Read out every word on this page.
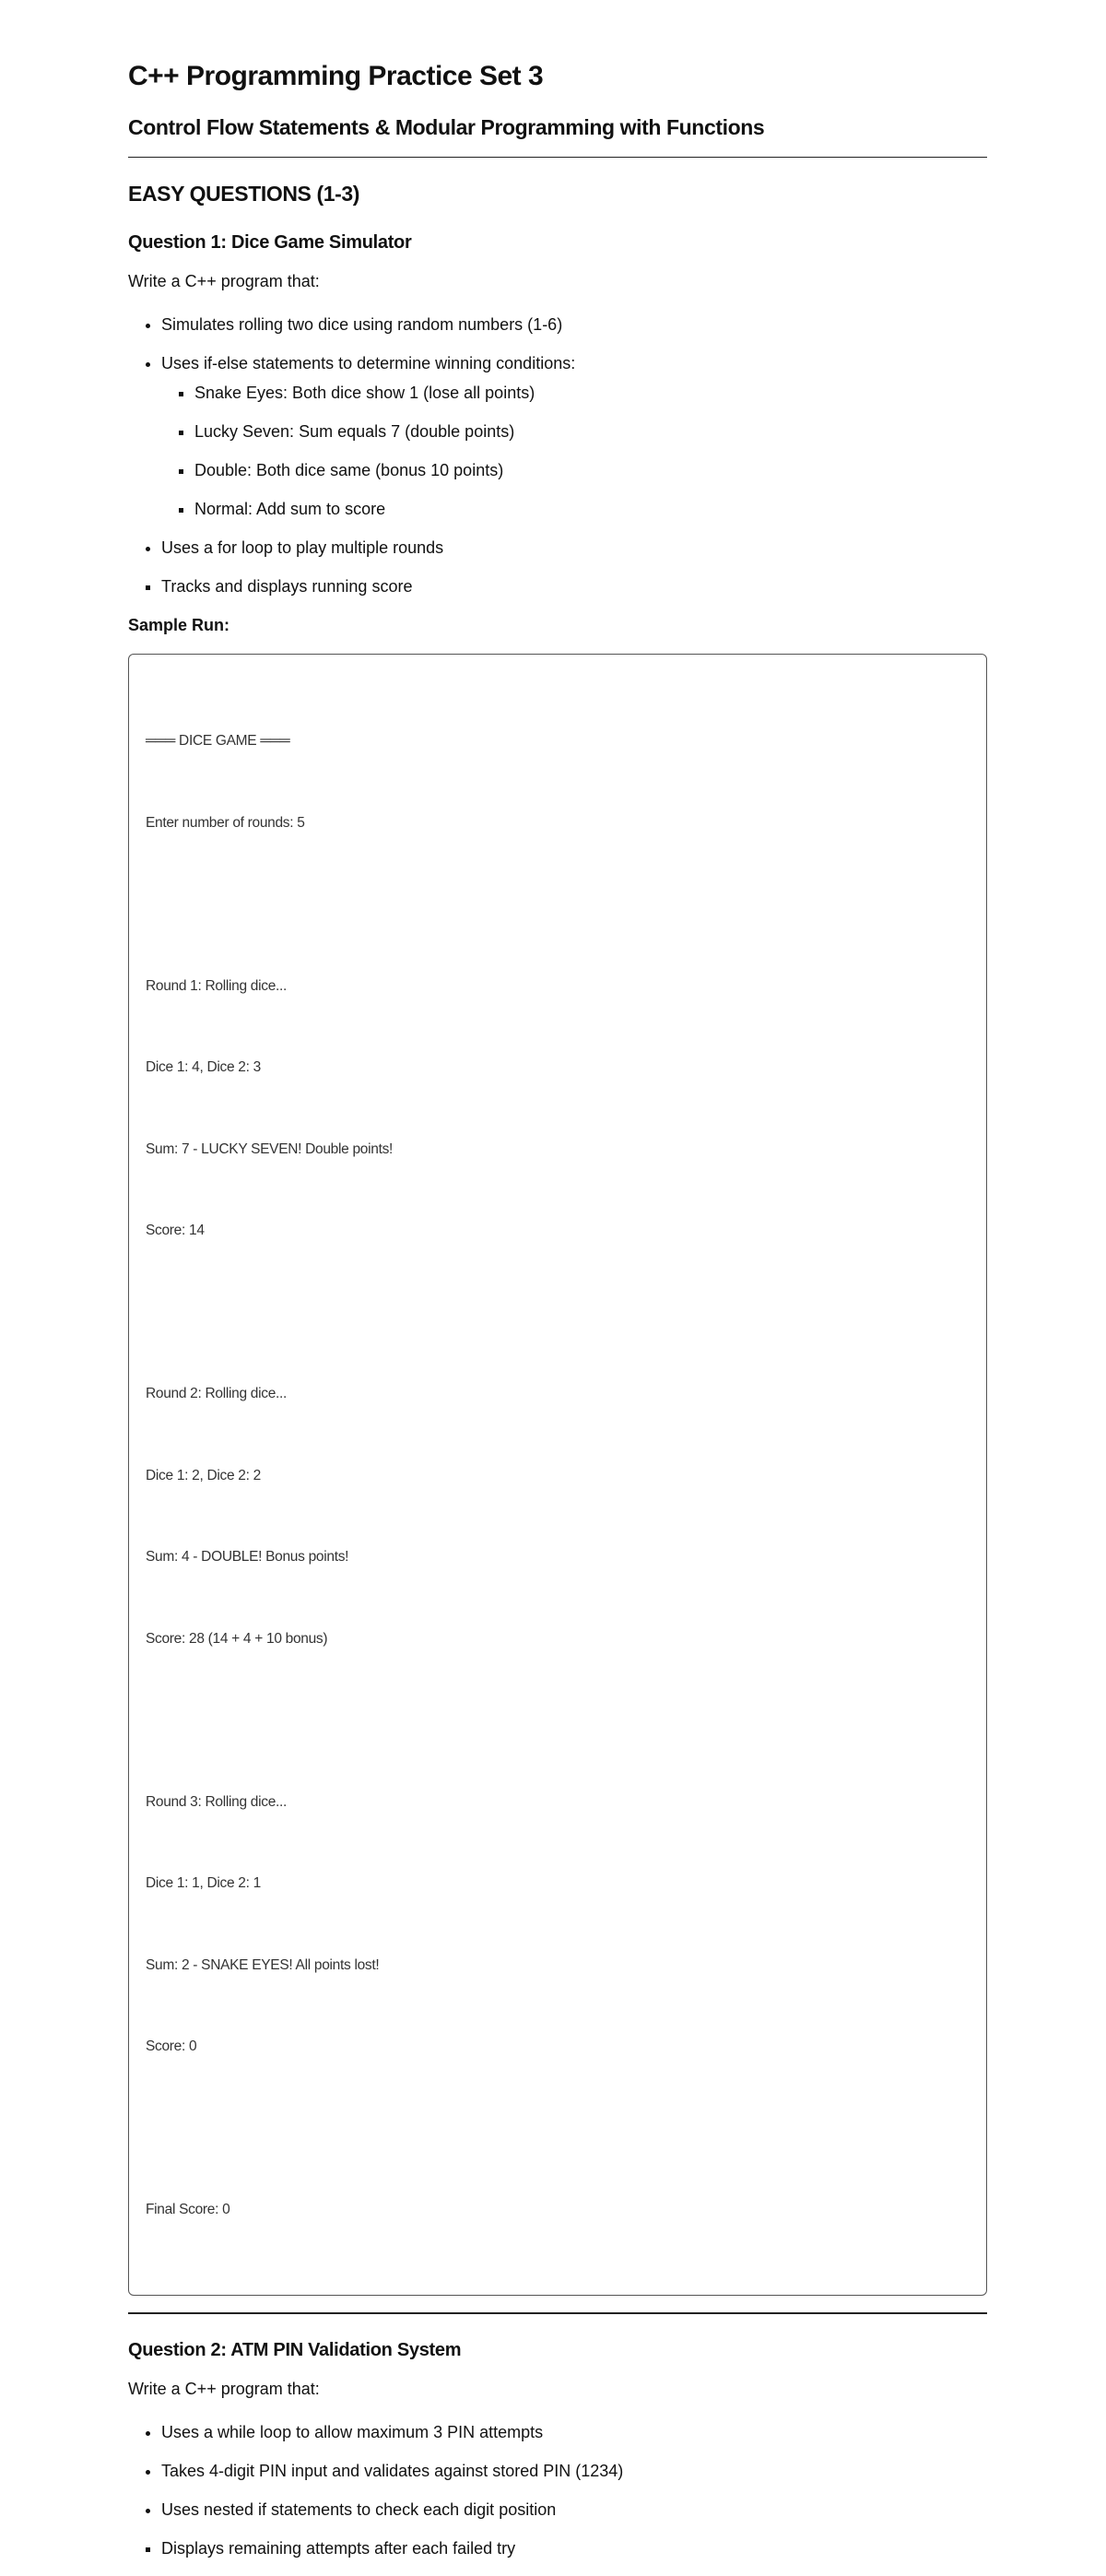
C++ Programming Practice Set 3
Control Flow Statements & Modular Programming with Functions
EASY QUESTIONS (1-3)
Question 1: Dice Game Simulator

Write a C++ program that:

• Simulates rolling two dice using random numbers (1-6)
• Uses if-else statements to determine winning conditions:
▪ Snake Eyes: Both dice show 1 (lose all points)
▪ Lucky Seven: Sum equals 7 (double points)
▪ Double: Both dice same (bonus 10 points)
▪ Normal: Add sum to score
• Uses a for loop to play multiple rounds
▪ Tracks and displays running score
Sample Run:

═══ DICE GAME ═══

Enter number of rounds: 5

Round 1: Rolling dice...

Dice 1: 4, Dice 2: 3

Sum: 7 - LUCKY SEVEN! Double points!

Score: 14

Round 2: Rolling dice...

Dice 1: 2, Dice 2: 2

Sum: 4 - DOUBLE! Bonus points!

Score: 28 (14 + 4 + 10 bonus)

Round 3: Rolling dice...

Dice 1: 1, Dice 2: 1

Sum: 2 - SNAKE EYES! All points lost!

Score: 0

Final Score: 0

Question 2: ATM PIN Validation System

Write a C++ program that:

• Uses a while loop to allow maximum 3 PIN attempts
• Takes 4-digit PIN input and validates against stored PIN (1234)
• Uses nested if statements to check each digit position
▪ Displays remaining attempts after each failed try
